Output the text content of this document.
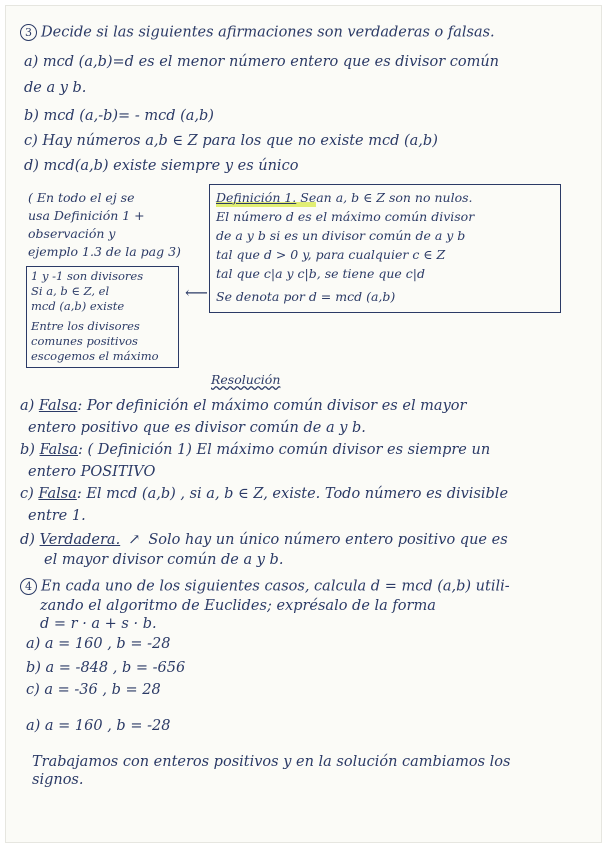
3 Decide si las siguientes afirmaciones son verdaderas o falsas.
a) mcd (a,b)=d es el menor número entero que es divisor común
de a y b.
b) mcd (a,-b)= - mcd (a,b)
c) Hay números a,b ∈ Z para los que no existe mcd (a,b)
d) mcd(a,b) existe siempre y es único
( En todo el ej se
usa Definición 1 +
observación y
ejemplo 1.3 de la pag 3)
1 y -1 son divisores
Si a, b ∈ Z, el
mcd (a,b) existe
Entre los divisores
comunes positivos
escogemos el máximo
⟵
Definición 1. Sean a, b ∈ Z son no nulos.
El número d es el máximo común divisor
de a y b si es un divisor común de a y b
tal que d > 0 y, para cualquier c ∈ Z
tal que c|a y c|b, se tiene que c|d
Se denota por d = mcd (a,b)
Resolución
a) Falsa: Por definición el máximo común divisor es el mayor
entero positivo que es divisor común de a y b.
b) Falsa: ( Definición 1) El máximo común divisor es siempre un
entero POSITIVO
c) Falsa: El mcd (a,b) , si a, b ∈ Z, existe. Todo número es divisible
entre 1.
d) Verdadera. ↗ Solo hay un único número entero positivo que es
el mayor divisor común de a y b.
4 En cada uno de los siguientes casos, calcula d = mcd (a,b) utili-
zando el algoritmo de Euclides; exprésalo de la forma
d = r · a + s · b.
a) a = 160 , b = -28
b) a = -848 , b = -656
c) a = -36 , b = 28
a) a = 160 , b = -28
Trabajamos con enteros positivos y en la solución cambiamos los
signos.
